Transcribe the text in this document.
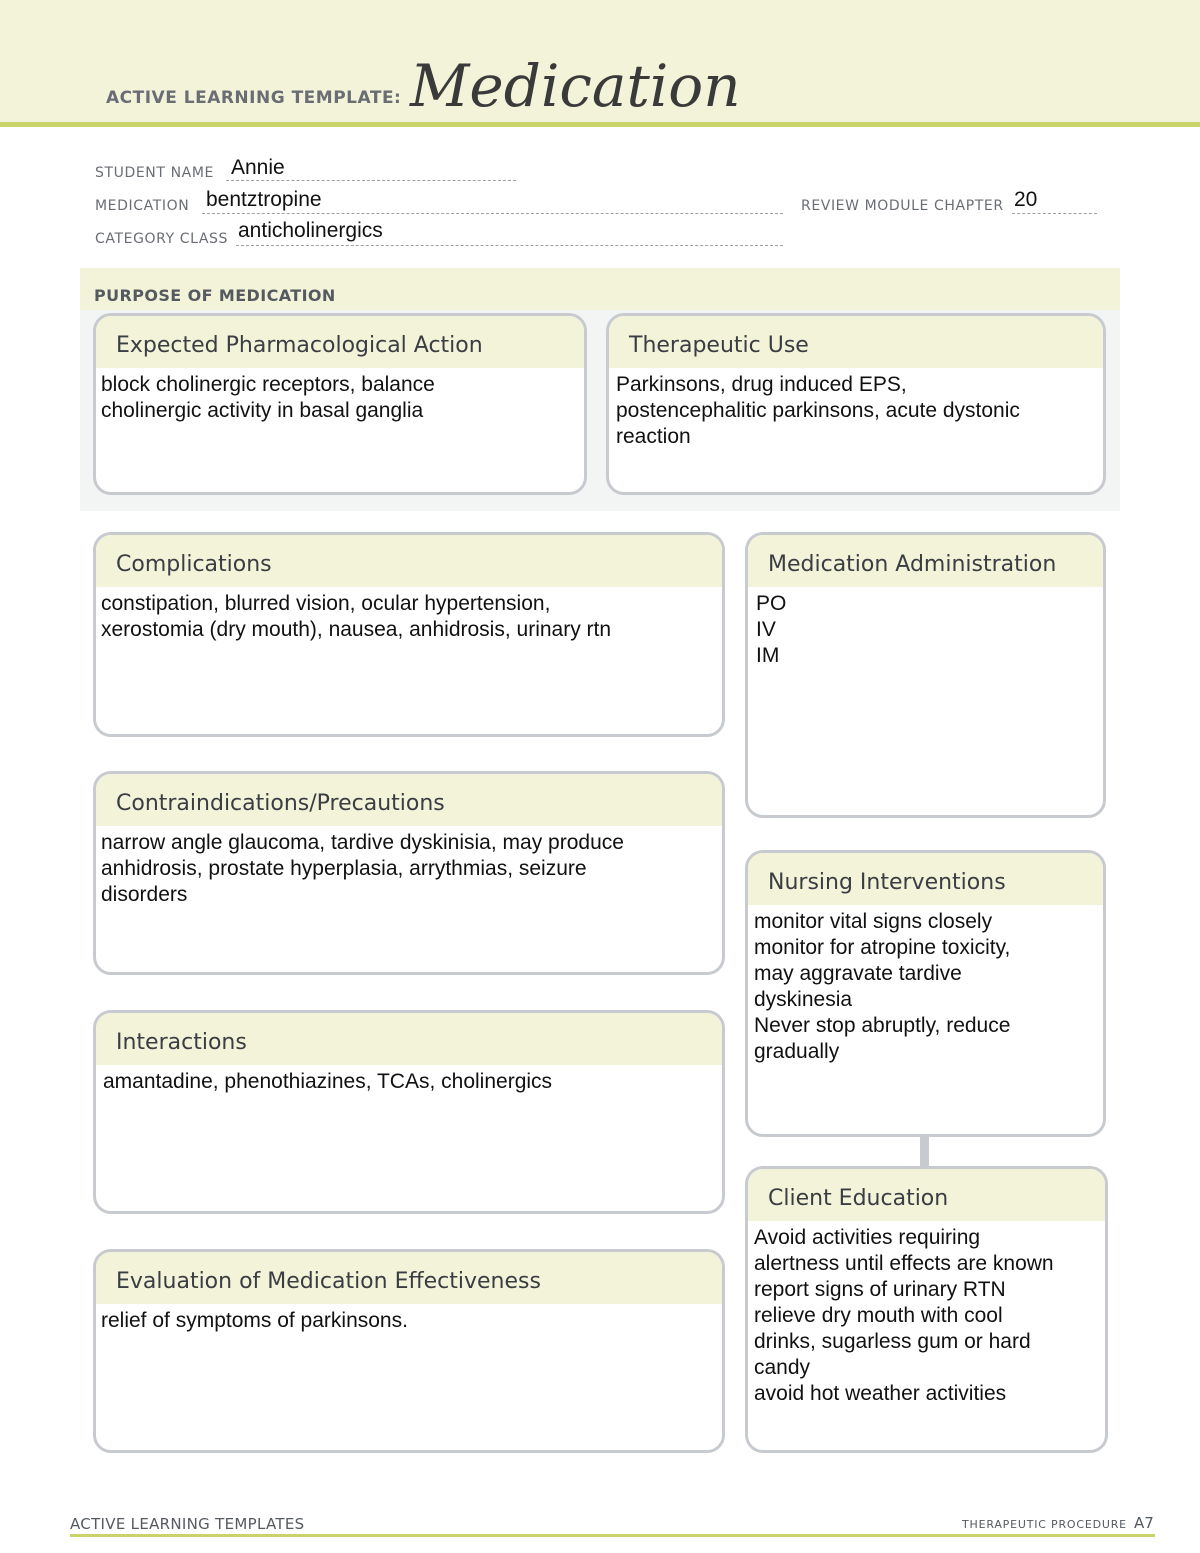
ACTIVE LEARNING TEMPLATE: Medication
STUDENT NAME Annie
MEDICATION bentztropine	REVIEW MODULE CHAPTER 20
CATEGORY CLASS anticholinergics
PURPOSE OF MEDICATION
Expected Pharmacological Action
block cholinergic receptors, balance
cholinergic activity in basal ganglia
Therapeutic Use
Parkinsons, drug induced EPS,
postencephalitic parkinsons, acute dystonic
reaction
Complications
constipation, blurred vision, ocular hypertension,
xerostomia (dry mouth), nausea, anhidrosis, urinary rtn
Contraindications/Precautions
narrow angle glaucoma, tardive dyskinisia, may produce
anhidrosis, prostate hyperplasia, arrythmias, seizure
disorders
Interactions
amantadine, phenothiazines, TCAs, cholinergics
Evaluation of Medication Effectiveness
relief of symptoms of parkinsons.
Medication Administration
PO
IV
IM
Nursing Interventions
monitor vital signs closely
monitor for atropine toxicity,
may aggravate tardive
dyskinesia
Never stop abruptly, reduce
gradually
Client Education
Avoid activities requiring
alertness until effects are known
report signs of urinary RTN
relieve dry mouth with cool
drinks, sugarless gum or hard
candy
avoid hot weather activities
ACTIVE LEARNING TEMPLATES	THERAPEUTIC PROCEDURE A7
